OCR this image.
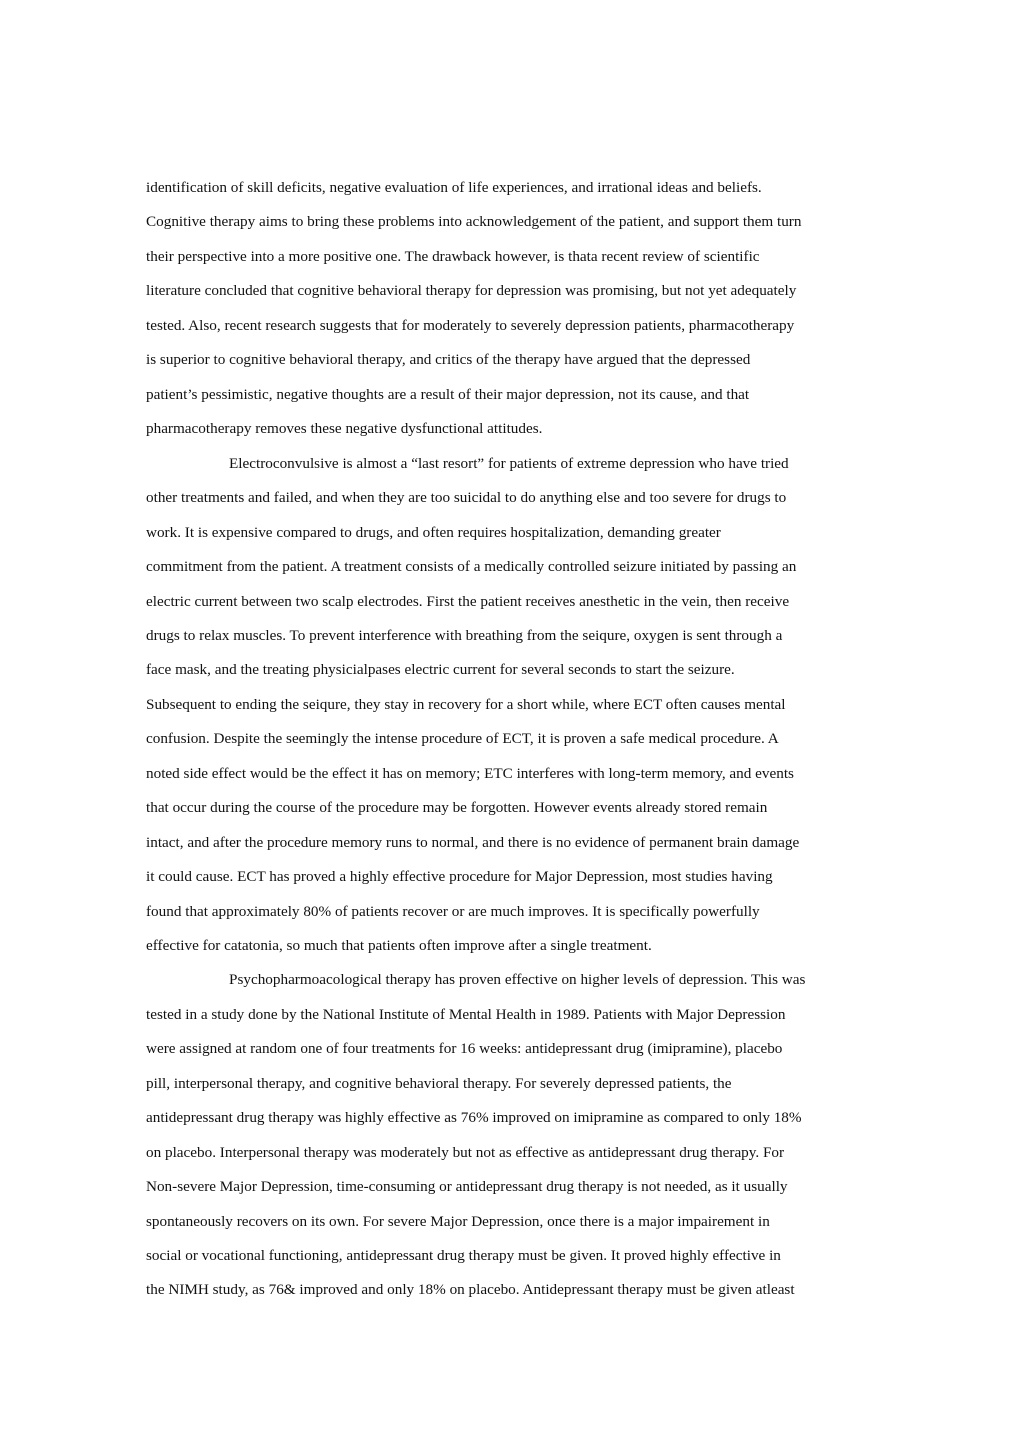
identification of skill deficits, negative evaluation of life experiences, and irrational ideas and beliefs.
Cognitive therapy aims to bring these problems into acknowledgement of the patient, and support them turn
their perspective into a more positive one. The drawback however, is thata recent review of scientific
literature concluded that cognitive behavioral therapy for depression was promising, but not yet adequately
tested. Also, recent research suggests that for moderately to severely depression patients, pharmacotherapy
is superior to cognitive behavioral therapy, and critics of the therapy have argued that the depressed
patient’s pessimistic, negative thoughts are a result of their major depression, not its cause, and that
pharmacotherapy removes these negative dysfunctional attitudes.
Electroconvulsive is almost a “last resort” for patients of extreme depression who have tried
other treatments and failed, and when they are too suicidal to do anything else and too severe for drugs to
work. It is expensive compared to drugs, and often requires hospitalization, demanding greater
commitment from the patient. A treatment consists of a medically controlled seizure initiated by passing an
electric current between two scalp electrodes. First the patient receives anesthetic in the vein, then receive
drugs to relax muscles. To prevent interference with breathing from the seiqure, oxygen is sent through a
face mask, and the treating physicialpases electric current for several seconds to start the seizure.
Subsequent to ending the seiqure, they stay in recovery for a short while, where ECT often causes mental
confusion. Despite the seemingly the intense procedure of ECT, it is proven a safe medical procedure. A
noted side effect would be the effect it has on memory; ETC interferes with long-term memory, and events
that occur during the course of the procedure may be forgotten. However events already stored remain
intact, and after the procedure memory runs to normal, and there is no evidence of permanent brain damage
it could cause. ECT has proved a highly effective procedure for Major Depression, most studies having
found that approximately 80% of patients recover or are much improves. It is specifically powerfully
effective for catatonia, so much that patients often improve after a single treatment.
Psychopharmoacological therapy has proven effective on higher levels of depression. This was
tested in a study done by the National Institute of Mental Health in 1989. Patients with Major Depression
were assigned at random one of four treatments for 16 weeks: antidepressant drug (imipramine), placebo
pill, interpersonal therapy, and cognitive behavioral therapy. For severely depressed patients, the
antidepressant drug therapy was highly effective as 76% improved on imipramine as compared to only 18%
on placebo. Interpersonal therapy was moderately but not as effective as antidepressant drug therapy. For
Non-severe Major Depression, time-consuming or antidepressant drug therapy is not needed, as it usually
spontaneously recovers on its own. For severe Major Depression, once there is a major impairement in
social or vocational functioning, antidepressant drug therapy must be given. It proved highly effective in
the NIMH study, as 76& improved and only 18% on placebo. Antidepressant therapy must be given atleast
